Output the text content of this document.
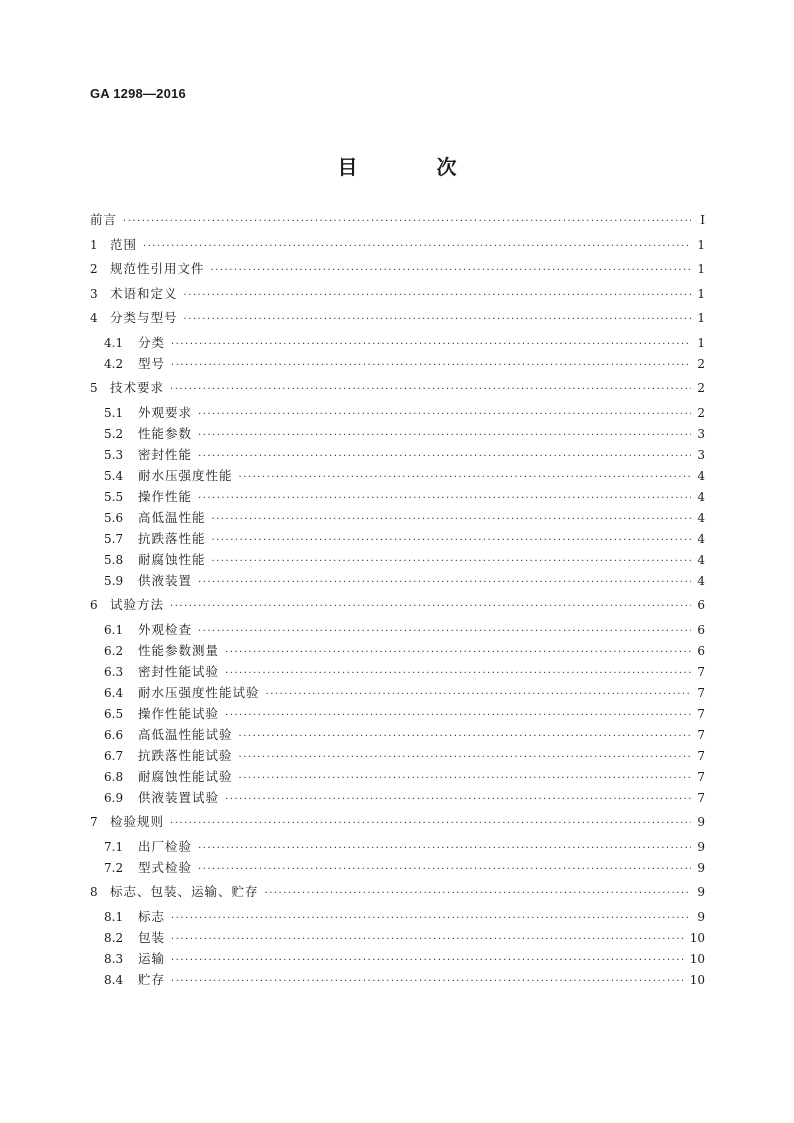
GA 1298—2016
目 次
前言 ·····	I
1 范围 ·····	1
2 规范性引用文件 ·····	1
3 术语和定义 ·····	1
4 分类与型号 ·····	1
4.1	分类 ·····	1
4.2	型号 ·····	2
5 技术要求 ·····	2
5.1	外观要求 ·····	2
5.2	性能参数 ·····	3
5.3	密封性能 ·····	3
5.4	耐水压强度性能 ·····	4
5.5	操作性能 ·····	4
5.6	高低温性能 ·····	4
5.7	抗跌落性能 ·····	4
5.8	耐腐蚀性能 ·····	4
5.9	供液装置 ·····	4
6 试验方法 ·····	6
6.1	外观检查 ·····	6
6.2	性能参数测量 ·····	6
6.3	密封性能试验 ·····	7
6.4	耐水压强度性能试验 ·····	7
6.5	操作性能试验 ·····	7
6.6	高低温性能试验 ·····	7
6.7	抗跌落性能试验 ·····	7
6.8	耐腐蚀性能试验 ·····	7
6.9	供液装置试验 ·····	7
7 检验规则 ·····	9
7.1	出厂检验 ·····	9
7.2	型式检验 ·····	9
8 标志、包装、运输、贮存 ·····	9
8.1	标志 ·····	9
8.2	包装 ·····	10
8.3	运输 ·····	10
8.4	贮存 ·····	10
